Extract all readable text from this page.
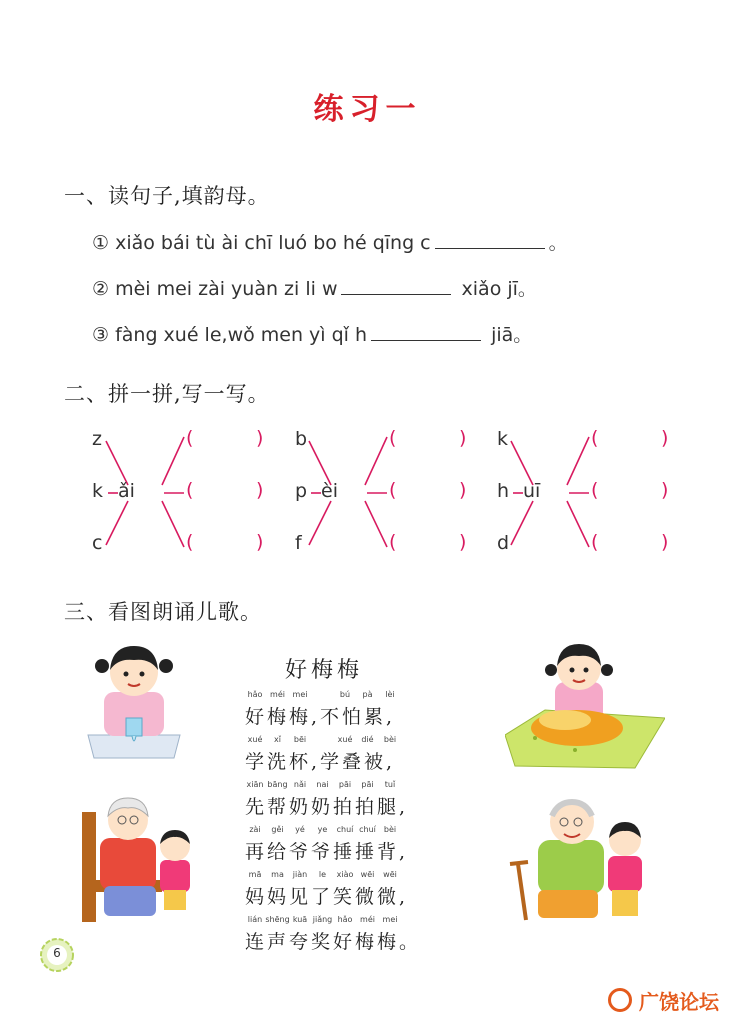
练习一
一、读句子,填韵母。
① xiǎo bái tù ài chī luó bo hé qīng c	。
② mèi mei zài yuàn zi li w	xiǎo jī。
③ fàng xué le,wǒ men yì qǐ h	jiā。
二、拼一拼,写一写。
z
k
c
ǎi
(	)
(	)
(	)
b
p
f
èi
(	)
(	)
(	)
k
h
d
uī
(	)
(	)
(	)
三、看图朗诵儿歌。
好梅梅
hǎo méi mei	bú pà lèi
好梅梅,不怕累,
xué xǐ bēi	xué dié bèi
学洗杯,学叠被,
xiān bāng nǎi nai pāi pāi tuǐ
先帮奶奶拍拍腿,
zài gěi yé ye chuí chuí bèi
再给爷爷捶捶背,
mā ma jiàn le xiào wēi wēi
妈妈见了笑微微,
lián shēng kuā jiǎng hǎo méi mei
连声夸奖好梅梅。
6
广饶论坛
